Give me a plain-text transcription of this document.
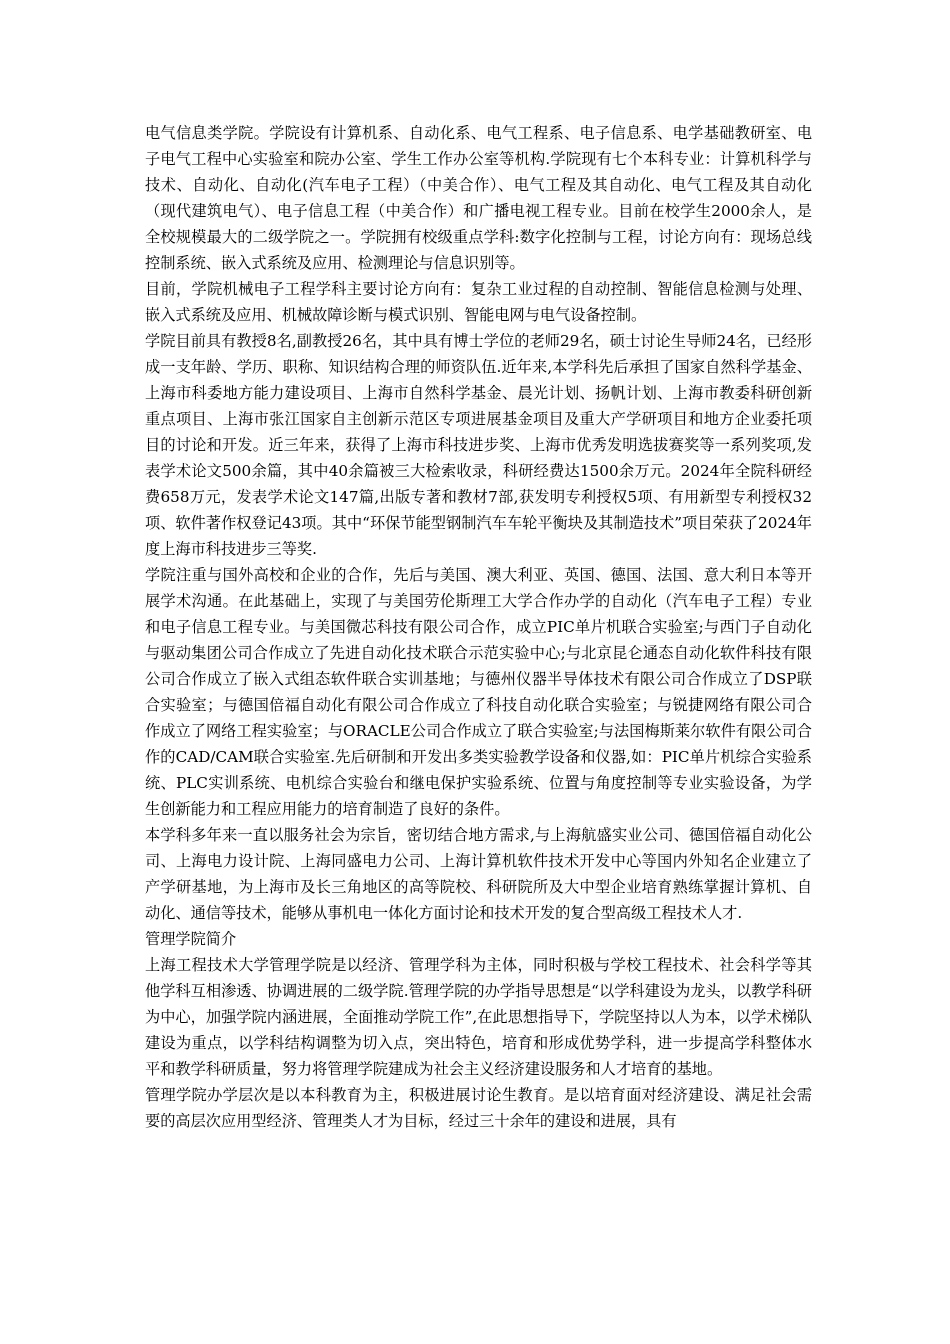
电气信息类学院。学院设有计算机系、自动化系、电气工程系、电子信息系、电学基础教研室、电子电气工程中心实验室和院办公室、学生工作办公室等机构.学院现有七个本科专业：计算机科学与技术、自动化、自动化(汽车电子工程）（中美合作）、电气工程及其自动化、电气工程及其自动化（现代建筑电气）、电子信息工程（中美合作）和广播电视工程专业。目前在校学生2000余人，是全校规模最大的二级学院之一。学院拥有校级重点学科:数字化控制与工程，讨论方向有：现场总线控制系统、嵌入式系统及应用、检测理论与信息识别等。

目前，学院机械电子工程学科主要讨论方向有：复杂工业过程的自动控制、智能信息检测与处理、嵌入式系统及应用、机械故障诊断与模式识别、智能电网与电气设备控制。

学院目前具有教授8名,副教授26名，其中具有博士学位的老师29名，硕士讨论生导师24名，已经形成一支年龄、学历、职称、知识结构合理的师资队伍.近年来,本学科先后承担了国家自然科学基金、上海市科委地方能力建设项目、上海市自然科学基金、晨光计划、扬帆计划、上海市教委科研创新重点项目、上海市张江国家自主创新示范区专项进展基金项目及重大产学研项目和地方企业委托项目的讨论和开发。近三年来，获得了上海市科技进步奖、上海市优秀发明选拔赛奖等一系列奖项,发表学术论文500余篇，其中40余篇被三大检索收录，科研经费达1500余万元。2024年全院科研经费658万元，发表学术论文147篇,出版专著和教材7部,获发明专利授权5项、有用新型专利授权32项、软件著作权登记43项。其中“环保节能型钢制汽车车轮平衡块及其制造技术”项目荣获了2024年度上海市科技进步三等奖.

学院注重与国外高校和企业的合作，先后与美国、澳大利亚、英国、德国、法国、意大利日本等开展学术沟通。在此基础上，实现了与美国劳伦斯理工大学合作办学的自动化（汽车电子工程）专业和电子信息工程专业。与美国微芯科技有限公司合作，成立PIC单片机联合实验室;与西门子自动化与驱动集团公司合作成立了先进自动化技术联合示范实验中心;与北京昆仑通态自动化软件科技有限公司合作成立了嵌入式组态软件联合实训基地；与德州仪器半导体技术有限公司合作成立了DSP联合实验室；与德国倍福自动化有限公司合作成立了科技自动化联合实验室；与锐捷网络有限公司合作成立了网络工程实验室；与ORACLE公司合作成立了联合实验室;与法国梅斯莱尔软件有限公司合作的CAD/CAM联合实验室.先后研制和开发出多类实验教学设备和仪器,如：PIC单片机综合实验系统、PLC实训系统、电机综合实验台和继电保护实验系统、位置与角度控制等专业实验设备，为学生创新能力和工程应用能力的培育制造了良好的条件。

本学科多年来一直以服务社会为宗旨，密切结合地方需求,与上海航盛实业公司、德国倍福自动化公司、上海电力设计院、上海同盛电力公司、上海计算机软件技术开发中心等国内外知名企业建立了产学研基地，为上海市及长三角地区的高等院校、科研院所及大中型企业培育熟练掌握计算机、自动化、通信等技术，能够从事机电一体化方面讨论和技术开发的复合型高级工程技术人才.

管理学院简介

上海工程技术大学管理学院是以经济、管理学科为主体，同时积极与学校工程技术、社会科学等其他学科互相渗透、协调进展的二级学院.管理学院的办学指导思想是“以学科建设为龙头，以教学科研为中心，加强学院内涵进展，全面推动学院工作”,在此思想指导下，学院坚持以人为本，以学术梯队建设为重点，以学科结构调整为切入点，突出特色，培育和形成优势学科，进一步提高学科整体水平和教学科研质量，努力将管理学院建成为社会主义经济建设服务和人才培育的基地。

管理学院办学层次是以本科教育为主，积极进展讨论生教育。是以培育面对经济建设、满足社会需要的高层次应用型经济、管理类人才为目标，经过三十余年的建设和进展，具有
